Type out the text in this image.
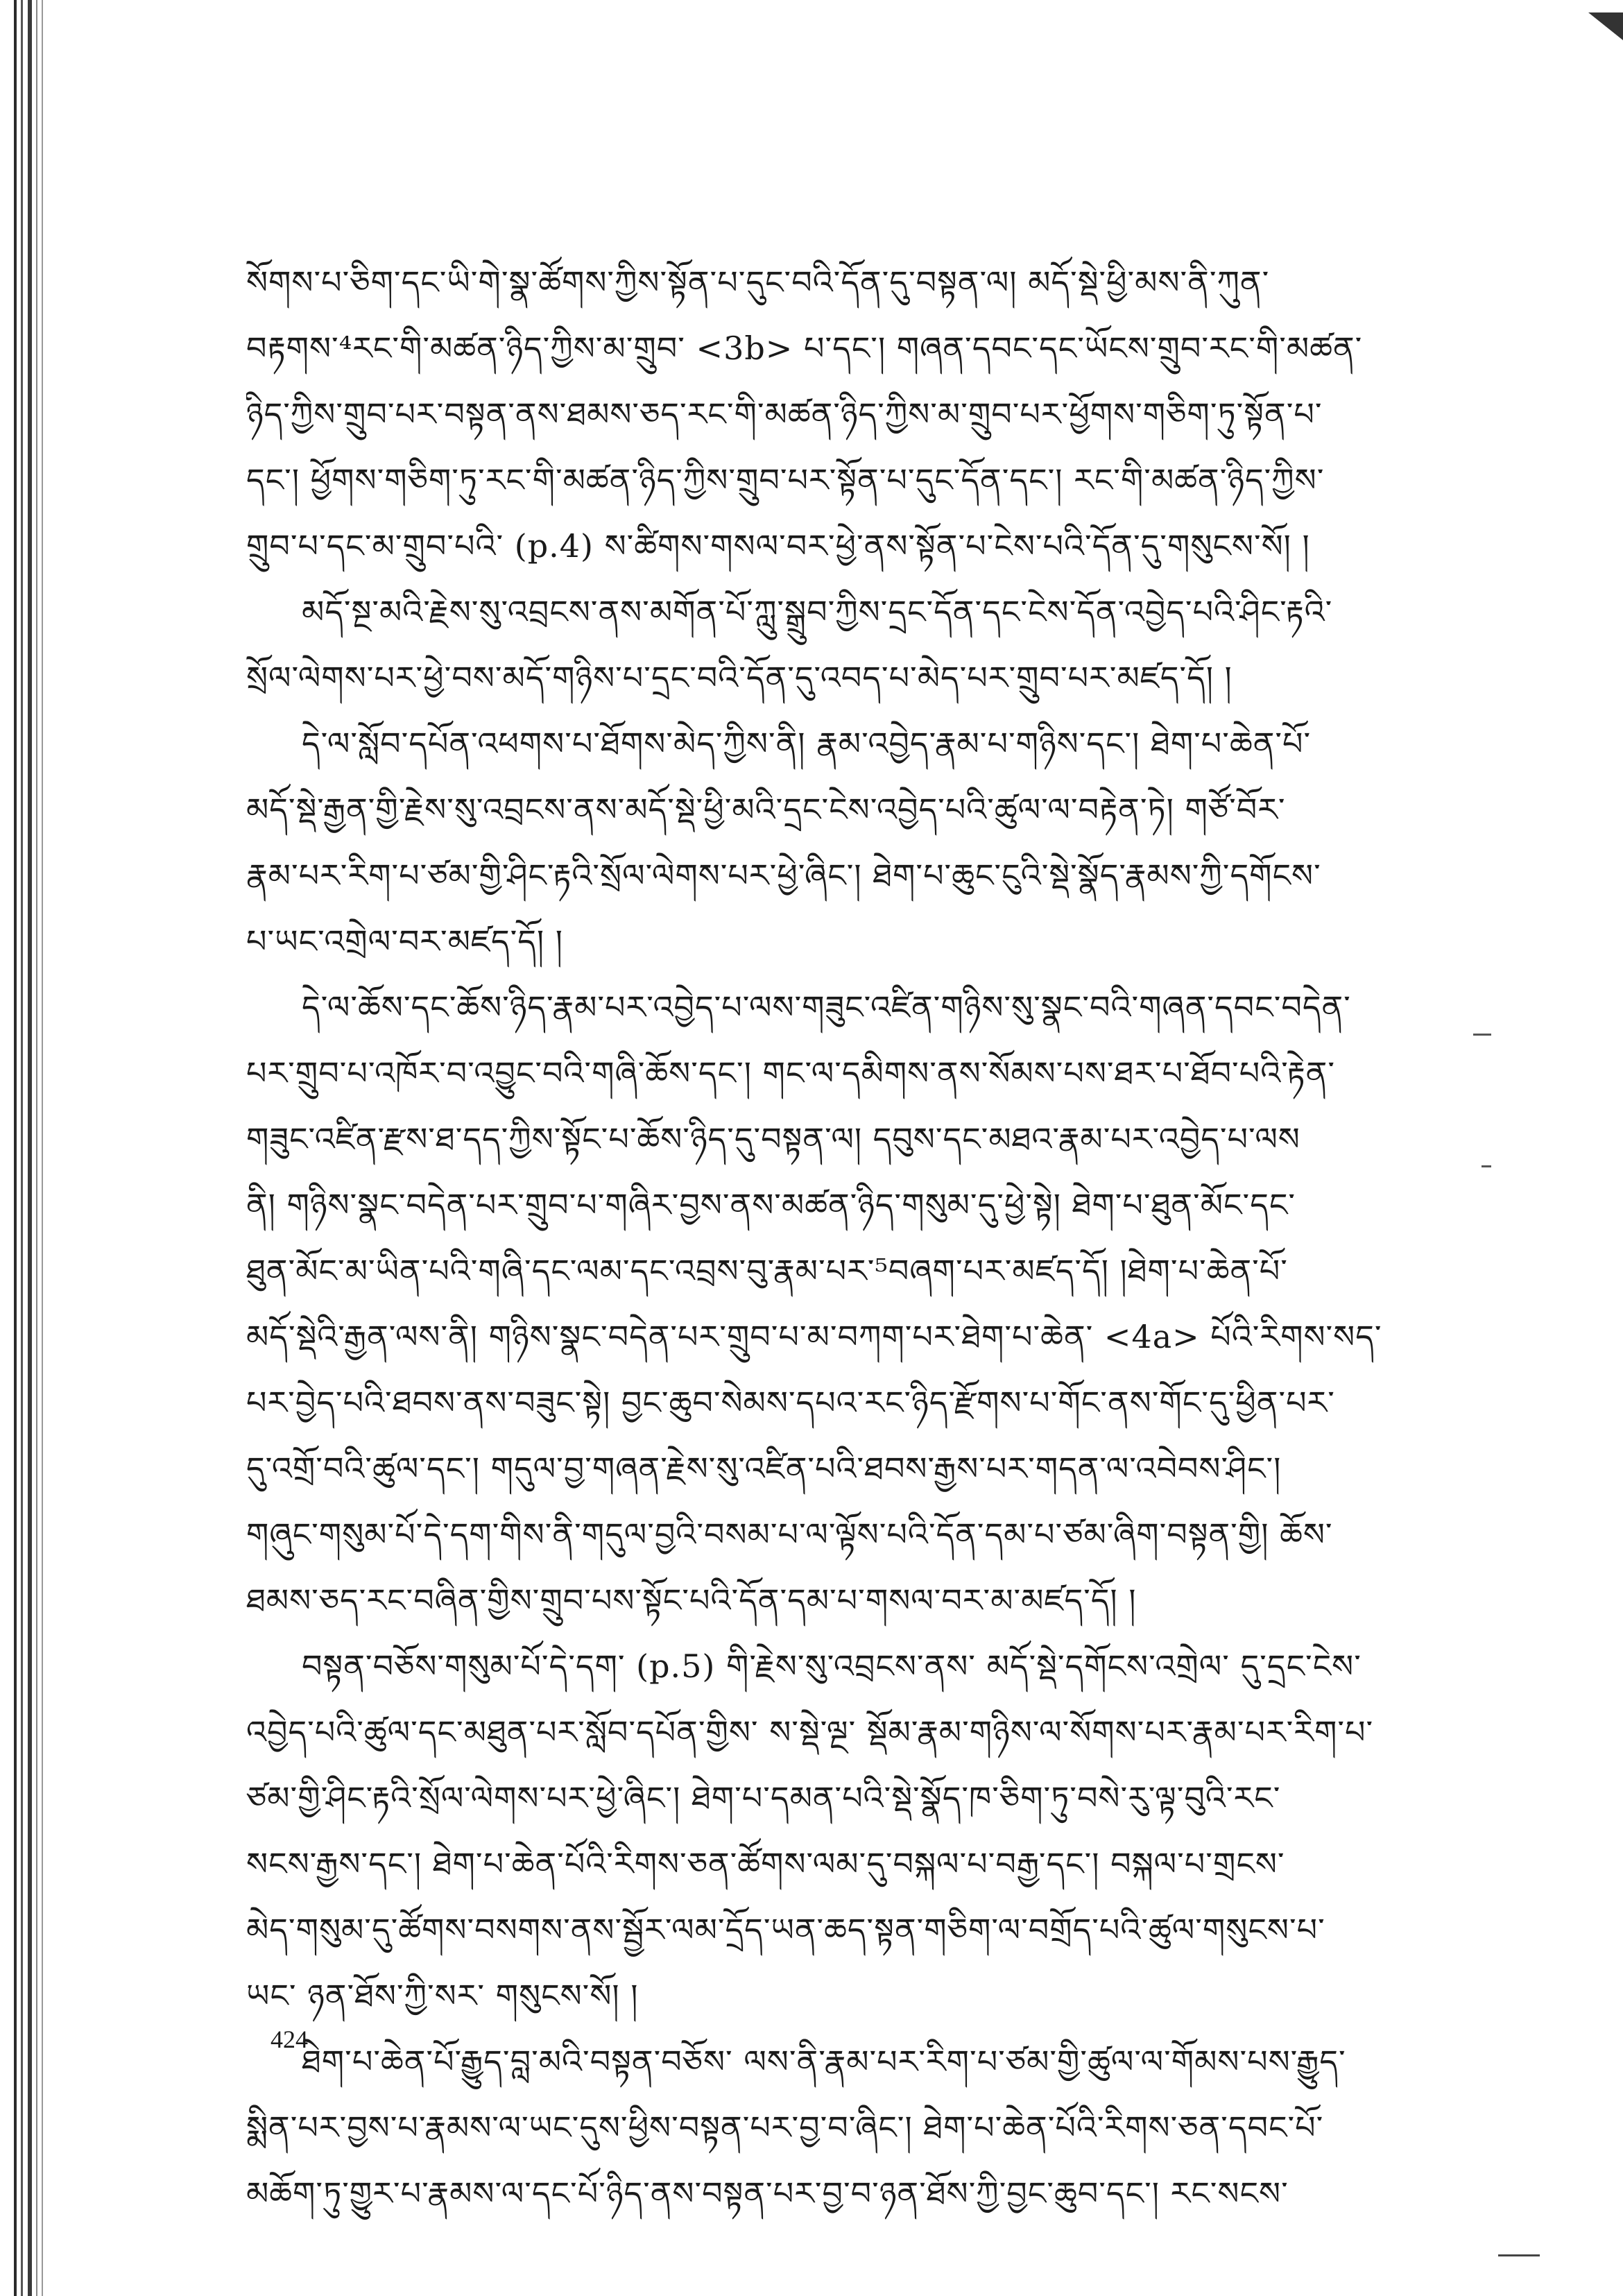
སོགས་པ་ཅིག་དང་ཡི་གེ་སྣ་ཚོགས་ཀྱིས་སྟོན་པ་དུང་བའི་དོན་དུ་བསྟན་ལ། མདོ་སྡེ་ཕྱི་མས་ནི་ཀུན་
བརྟགས་⁴རང་གི་མཚན་ཉིད་ཀྱིས་མ་གྲུབ་ <3b> པ་དང་། གཞན་དབང་དང་ཡོངས་གྲུབ་རང་གི་མཚན་
ཉིད་ཀྱིས་གྲུབ་པར་བསྟན་ནས་ཐམས་ཅད་རང་གི་མཚན་ཉིད་ཀྱིས་མ་གྲུབ་པར་ཕྱོགས་གཅིག་ཏུ་སྟོན་པ་
དང་། ཕྱོགས་གཅིག་ཏུ་རང་གི་མཚན་ཉིད་ཀྱིས་གྲུབ་པར་སྟོན་པ་དུང་དོན་དང་། རང་གི་མཚན་ཉིད་ཀྱིས་
གྲུབ་པ་དང་མ་གྲུབ་པའི་ (p.4) ས་ཚིགས་གསལ་བར་ཕྱེ་ནས་སྟོན་པ་ངེས་པའི་དོན་དུ་གསུངས་སོ། །
མདོ་སྔ་མའི་རྗེས་སུ་འབྲངས་ནས་མགོན་པོ་ཀླུ་སྒྲུབ་ཀྱིས་དྲང་དོན་དང་ངེས་དོན་འབྱེད་པའི་ཤིང་རྟའི་
སྲོལ་ལེགས་པར་ཕྱེ་བས་མདོ་གཉིས་པ་དྲང་བའི་དོན་དུ་འབད་པ་མེད་པར་གྲུབ་པར་མཛད་དོ། །
དེ་ལ་སློབ་དཔོན་འཕགས་པ་ཐོགས་མེད་ཀྱིས་ནི། རྣམ་འབྱེད་རྣམ་པ་གཉིས་དང་། ཐེག་པ་ཆེན་པོ་
མདོ་སྡེ་རྒྱན་གྱི་རྗེས་སུ་འབྲངས་ནས་མདོ་སྡེ་ཕྱི་མའི་དྲང་ངེས་འབྱེད་པའི་ཚུལ་ལ་བརྟེན་ཏེ། གཙོ་བོར་
རྣམ་པར་རིག་པ་ཙམ་གྱི་ཤིང་རྟའི་སྲོལ་ལེགས་པར་ཕྱེ་ཞིང་། ཐེག་པ་ཆུང་ངུའི་སྡེ་སྣོད་རྣམས་ཀྱི་དགོངས་
པ་ཡང་འགྲེལ་བར་མཛད་དོ། །
དེ་ལ་ཆོས་དང་ཆོས་ཉིད་རྣམ་པར་འབྱེད་པ་ལས་གཟུང་འཛིན་གཉིས་སུ་སྣང་བའི་གཞན་དབང་བདེན་
པར་གྲུབ་པ་འཁོར་བ་འབྱུང་བའི་གཞི་ཆོས་དང་། གང་ལ་དམིགས་ནས་སོམས་པས་ཐར་པ་ཐོབ་པའི་རྟེན་
གཟུང་འཛིན་རྫས་ཐ་དད་ཀྱིས་སྟོང་པ་ཆོས་ཉིད་དུ་བསྟན་ལ། དབུས་དང་མཐའ་རྣམ་པར་འབྱེད་པ་ལས
ནི། གཉིས་སྣང་བདེན་པར་གྲུབ་པ་གཞིར་བྱས་ནས་མཚན་ཉིད་གསུམ་དུ་ཕྱེ་སྟེ། ཐེག་པ་ཐུན་མོང་དང་
ཐུན་མོང་མ་ཡིན་པའི་གཞི་དང་ལམ་དང་འབྲས་བུ་རྣམ་པར་⁵བཞག་པར་མཛད་དོ། །ཐེག་པ་ཆེན་པོ་
མདོ་སྡེའི་རྒྱན་ལས་ནི། གཉིས་སྣང་བདེན་པར་གྲུབ་པ་མ་བཀག་པར་ཐེག་པ་ཆེན་ <4a> པོའི་རིགས་སད་
པར་བྱེད་པའི་ཐབས་ནས་བཟུང་སྟེ། བྱང་ཆུབ་སེམས་དཔའ་རང་ཉིད་རྫོགས་པ་གོང་ནས་གོང་དུ་ཕྱིན་པར་
དུ་འགྲོ་བའི་ཚུལ་དང་། གདུལ་བྱ་གཞན་རྗེས་སུ་འཛིན་པའི་ཐབས་རྒྱས་པར་གདན་ལ་འབེབས་ཤིང་།
གཞུང་གསུམ་པོ་དེ་དག་གིས་ནི་གདུལ་བྱའི་བསམ་པ་ལ་ལྟོས་པའི་དོན་དམ་པ་ཙམ་ཞིག་བསྟན་གྱི། ཆོས་
ཐམས་ཅད་རང་བཞིན་གྱིས་གྲུབ་པས་སྟོང་པའི་དོན་དམ་པ་གསལ་བར་མ་མཛད་དོ། །
བསྟན་བཅོས་གསུམ་པོ་དེ་དག་ (p.5) གི་རྗེས་སུ་འབྲངས་ནས་ མདོ་སྡེ་དགོངས་འགྲེལ་ དུ་དྲང་ངེས་
འབྱེད་པའི་ཚུལ་དང་མཐུན་པར་སློབ་དཔོན་གྱིས་ ས་སྡེ་ལྔ་ སྡོམ་རྣམ་གཉིས་ལ་སོགས་པར་རྣམ་པར་རིག་པ་
ཙམ་གྱི་ཤིང་རྟའི་སྲོལ་ལེགས་པར་ཕྱེ་ཞིང་། ཐེག་པ་དམན་པའི་སྡེ་སྣོད་ཁ་ཅིག་ཏུ་བསེ་རུ་ལྟ་བུའི་རང་
སངས་རྒྱས་དང་། ཐེག་པ་ཆེན་པོའི་རིགས་ཅན་ཚོགས་ལམ་དུ་བསྐལ་པ་བརྒྱ་དང་། བསྐལ་པ་གྲངས་
མེད་གསུམ་དུ་ཚོགས་བསགས་ནས་སྦྱོར་ལམ་དྲོད་ཡན་ཆད་སྟན་གཅིག་ལ་བགྲོད་པའི་ཚུལ་གསུངས་པ་
ཡང་ ཉན་ཐོས་ཀྱི་སར་ གསུངས་སོ། །
ཐེག་པ་ཆེན་པོ་རྒྱུད་བླ་མའི་བསྟན་བཅོས་ ལས་ནི་རྣམ་པར་རིག་པ་ཙམ་གྱི་ཚུལ་ལ་གོམས་པས་རྒྱུད་
སྨིན་པར་བྱས་པ་རྣམས་ལ་ཡང་དུས་ཕྱིས་བསྟན་པར་བྱ་བ་ཞིང་། ཐེག་པ་ཆེན་པོའི་རིགས་ཅན་དབང་པོ་
མཆོག་ཏུ་གྱུར་པ་རྣམས་ལ་དང་པོ་ཉིད་ནས་བསྟན་པར་བྱ་བ་ཉན་ཐོས་ཀྱི་བྱང་ཆུབ་དང་། རང་སངས་
424
